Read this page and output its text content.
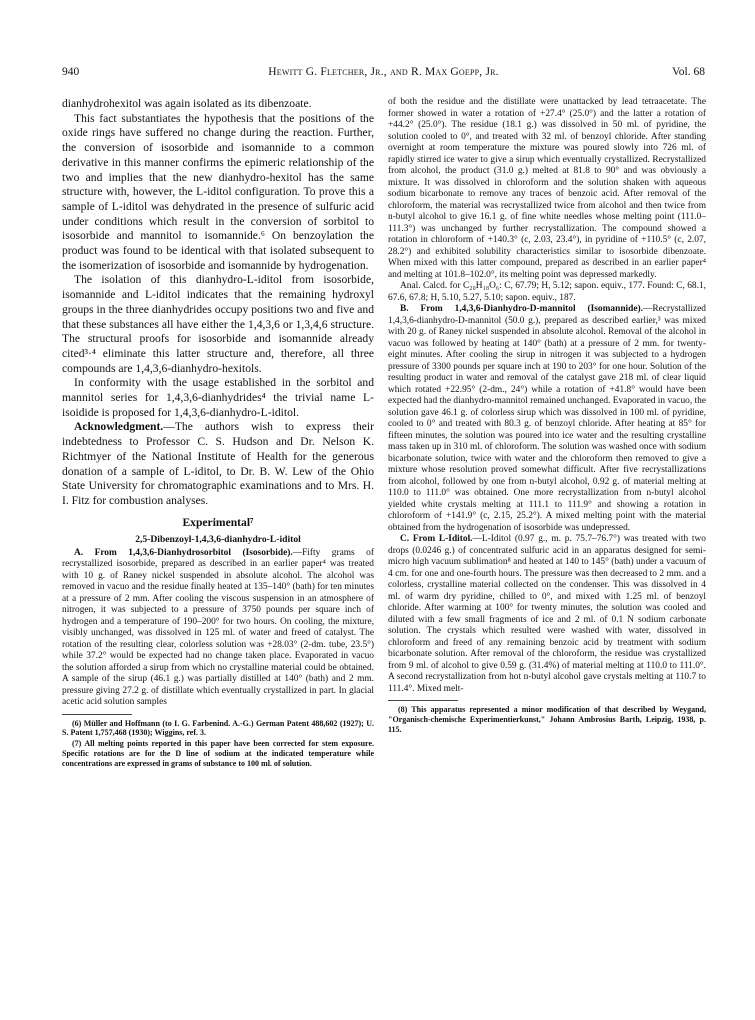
940	Hewitt G. Fletcher, Jr., and R. Max Goepp, Jr.	Vol. 68

dianhydrohexitol was again isolated as its dibenzoate.

This fact substantiates the hypothesis that the positions of the oxide rings have suffered no change during the reaction. Further, the conversion of isosorbide and isomannide to a common derivative in this manner confirms the epimeric relationship of the two and implies that the new dianhydro-hexitol has the same structure with, however, the L-iditol configuration. To prove this a sample of L-iditol was dehydrated in the presence of sulfuric acid under conditions which result in the conversion of sorbitol to isosorbide and mannitol to isomannide.⁶ On benzoylation the product was found to be identical with that isolated subsequent to the isomerization of isosorbide and isomannide by hydrogenation.

The isolation of this dianhydro-L-iditol from isosorbide, isomannide and L-iditol indicates that the remaining hydroxyl groups in the three dianhydrides occupy positions two and five and that these substances all have either the 1,4,3,6 or 1,3,4,6 structure. The structural proofs for isosorbide and isomannide already cited³·⁴ eliminate this latter structure and, therefore, all three compounds are 1,4,3,6-dianhydro-hexitols.

In conformity with the usage established in the sorbitol and mannitol series for 1,4,3,6-dianhydrides⁴ the trivial name L-isoidide is proposed for 1,4,3,6-dianhydro-L-iditol.

Acknowledgment.—The authors wish to express their indebtedness to Professor C. S. Hudson and Dr. Nelson K. Richtmyer of the National Institute of Health for the generous donation of a sample of L-iditol, to Dr. B. W. Lew of the Ohio State University for chromatographic examinations and to Mrs. H. I. Fitz for combustion analyses.

Experimental⁷
2,5-Dibenzoyl-1,4,3,6-dianhydro-L-iditol

A. From 1,4,3,6-Dianhydrosorbitol (Isosorbide).—Fifty grams of recrystallized isosorbide, prepared as described in an earlier paper⁴ was treated with 10 g. of Raney nickel suspended in absolute alcohol. The alcohol was removed in vacuo and the residue finally heated at 135–140° (bath) for ten minutes at a pressure of 2 mm. After cooling the viscous suspension in an atmosphere of nitrogen, it was subjected to a pressure of 3750 pounds per square inch of hydrogen and a temperature of 190–200° for two hours. On cooling, the mixture, visibly unchanged, was dissolved in 125 ml. of water and freed of catalyst. The rotation of the resulting clear, colorless solution was +28.03° (2-dm. tube, 23.5°) while 37.2° would be expected had no change taken place. Evaporated in vacuo the solution afforded a sirup from which no crystalline material could be obtained. A sample of the sirup (46.1 g.) was partially distilled at 140° (bath) and 2 mm. pressure giving 27.2 g. of distillate which eventually crystallized in part. In glacial acetic acid solution samples

(6) Müller and Hoffmann (to I. G. Farbenind. A.-G.) German Patent 488,602 (1927); U. S. Patent 1,757,468 (1930); Wiggins, ref. 3.

(7) All melting points reported in this paper have been corrected for stem exposure. Specific rotations are for the D line of sodium at the indicated temperature while concentrations are expressed in grams of substance to 100 ml. of solution.

of both the residue and the distillate were unattacked by lead tetraacetate. The former showed in water a rotation of +27.4° (25.0°) and the latter a rotation of +44.2° (25.0°). The residue (18.1 g.) was dissolved in 50 ml. of pyridine, the solution cooled to 0°, and treated with 32 ml. of benzoyl chloride. After standing overnight at room temperature the mixture was poured slowly into 726 ml. of rapidly stirred ice water to give a sirup which eventually crystallized. Recrystallized from alcohol, the product (31.0 g.) melted at 81.8 to 90° and was obviously a mixture. It was dissolved in chloroform and the solution shaken with aqueous sodium bicarbonate to remove any traces of benzoic acid. After removal of the chloroform, the material was recrystallized twice from alcohol and then twice from n-butyl alcohol to give 16.1 g. of fine white needles whose melting point (111.0–111.3°) was unchanged by further recrystallization. The compound showed a rotation in chloroform of +140.3° (c, 2.03, 23.4°), in pyridine of +110.5° (c, 2.07, 28.2°) and exhibited solubility characteristics similar to isosorbide dibenzoate. When mixed with this latter compound, prepared as described in an earlier paper⁴ and melting at 101.8–102.0°, its melting point was depressed markedly.

Anal. Calcd. for C₂₀H₁₈O₆: C, 67.79; H, 5.12; sapon. equiv., 177. Found: C, 68.1, 67.6, 67.8; H, 5.10, 5.27, 5.10; sapon. equiv., 187.

B. From 1,4,3,6-Dianhydro-D-mannitol (Isomannide).—Recrystallized 1,4,3,6-dianhydro-D-mannitol (50.0 g.), prepared as described earlier,³ was mixed with 20 g. of Raney nickel suspended in absolute alcohol. Removal of the alcohol in vacuo was followed by heating at 140° (bath) at a pressure of 2 mm. for twenty-eight minutes. After cooling the sirup in nitrogen it was subjected to a hydrogen pressure of 3300 pounds per square inch at 190 to 203° for one hour. Solution of the resulting product in water and removal of the catalyst gave 218 ml. of clear liquid which rotated +22.95° (2-dm., 24°) while a rotation of +41.8° would have been expected had the dianhydro-mannitol remained unchanged. Evaporated in vacuo, the solution gave 46.1 g. of colorless sirup which was dissolved in 100 ml. of pyridine, cooled to 0° and treated with 80.3 g. of benzoyl chloride. After heating at 85° for fifteen minutes, the solution was poured into ice water and the resulting crystalline mass taken up in 310 ml. of chloroform. The solution was washed once with sodium bicarbonate solution, twice with water and the chloroform then removed to give a mixture whose resolution proved somewhat difficult. After five recrystallizations from alcohol, followed by one from n-butyl alcohol, 0.92 g. of material melting at 110.0 to 111.0° was obtained. One more recrystallization from n-butyl alcohol yielded white crystals melting at 111.1 to 111.9° and showing a rotation in chloroform of +141.9° (c, 2.15, 25.2°). A mixed melting point with the material obtained from the hydrogenation of isosorbide was undepressed.

C. From L-Iditol.—L-Iditol (0.97 g., m. p. 75.7–76.7°) was treated with two drops (0.0246 g.) of concentrated sulfuric acid in an apparatus designed for semi-micro high vacuum sublimation⁸ and heated at 140 to 145° (bath) under a vacuum of 4 cm. for one and one-fourth hours. The pressure was then decreased to 2 mm. and a colorless, crystalline material collected on the condenser. This was dissolved in 4 ml. of warm dry pyridine, chilled to 0°, and mixed with 1.25 ml. of benzoyl chloride. After warming at 100° for twenty minutes, the solution was cooled and diluted with a few small fragments of ice and 2 ml. of 0.1 N sodium carbonate solution. The crystals which resulted were washed with water, dissolved in chloroform and freed of any remaining benzoic acid by treatment with sodium bicarbonate solution. After removal of the chloroform, the residue was crystallized from 9 ml. of alcohol to give 0.59 g. (31.4%) of material melting at 110.0 to 111.0°. A second recrystallization from hot n-butyl alcohol gave crystals melting at 110.7 to 111.4°. Mixed melt-

(8) This apparatus represented a minor modification of that described by Weygand, "Organisch-chemische Experimentierkunst," Johann Ambrosius Barth, Leipzig, 1938, p. 115.
